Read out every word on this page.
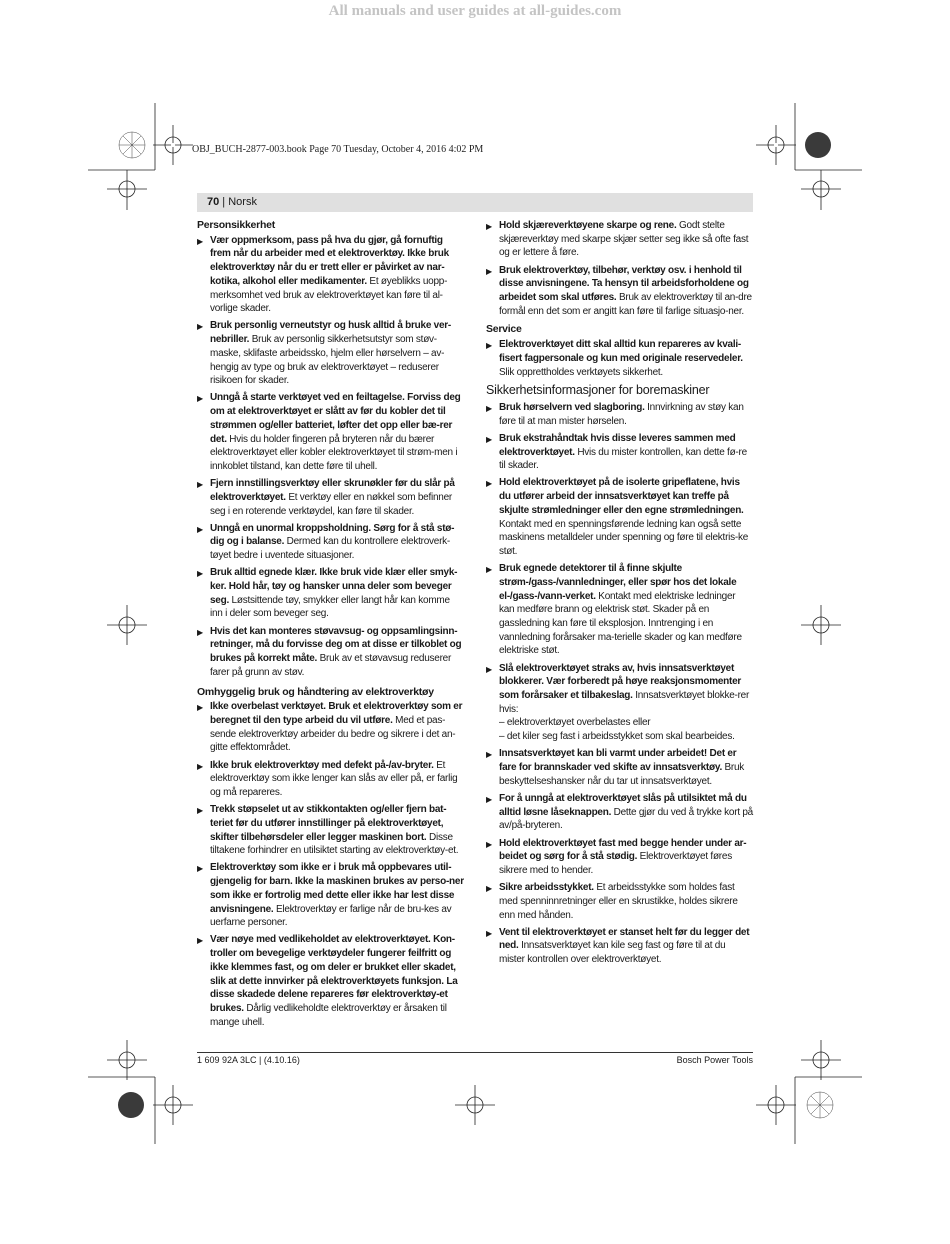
All manuals and user guides at all-guides.com
OBJ_BUCH-2877-003.book Page 70 Tuesday, October 4, 2016 4:02 PM
70 | Norsk
Personsikkerhet
▶ Vær oppmerksom, pass på hva du gjør, gå fornuftig frem når du arbeider med et elektroverktøy. Ikke bruk elektroverktøy når du er trett eller er påvirket av nar-kotika, alkohol eller medikamenter. Et øyeblikks uopp-merksomhet ved bruk av elektroverktøyet kan føre til al-vorlige skader.
▶ Bruk personlig verneutstyr og husk alltid å bruke ver-nebriller. Bruk av personlig sikkerhetsutstyr som støv-maske, sklifaste arbeidssko, hjelm eller hørselvern – av-hengig av type og bruk av elektroverktøyet – reduserer risikoen for skader.
▶ Unngå å starte verktøyet ved en feiltagelse. Forviss deg om at elektroverktøyet er slått av før du kobler det til strømmen og/eller batteriet, løfter det opp eller bæ-rer det. Hvis du holder fingeren på bryteren når du bærer elektroverktøyet eller kobler elektroverktøyet til strøm-men i innkoblet tilstand, kan dette føre til uhell.
▶ Fjern innstillingsverktøy eller skrunøkler før du slår på elektroverktøyet. Et verktøy eller en nøkkel som befinner seg i en roterende verktøydel, kan føre til skader.
▶ Unngå en unormal kroppsholdning. Sørg for å stå stø-dig og i balanse. Dermed kan du kontrollere elektroverk-tøyet bedre i uventede situasjoner.
▶ Bruk alltid egnede klær. Ikke bruk vide klær eller smyk-ker. Hold hår, tøy og hansker unna deler som beveger seg. Løstsittende tøy, smykker eller langt hår kan komme inn i deler som beveger seg.
▶ Hvis det kan monteres støvavsug- og oppsamlingsinn-retninger, må du forvisse deg om at disse er tilkoblet og brukes på korrekt måte. Bruk av et støvavsug reduserer farer på grunn av støv.
Omhyggelig bruk og håndtering av elektroverktøy
▶ Ikke overbelast verktøyet. Bruk et elektroverktøy som er beregnet til den type arbeid du vil utføre. Med et pas-sende elektroverktøy arbeider du bedre og sikrere i det an-gitte effektområdet.
▶ Ikke bruk elektroverktøy med defekt på-/av-bryter. Et elektroverktøy som ikke lenger kan slås av eller på, er farlig og må repareres.
▶ Trekk støpselet ut av stikkontakten og/eller fjern bat-teriet før du utfører innstillinger på elektroverktøyet, skifter tilbehørsdeler eller legger maskinen bort. Disse tiltakene forhindrer en utilsiktet starting av elektroverktøy-et.
▶ Elektroverktøy som ikke er i bruk må oppbevares util-gjengelig for barn. Ikke la maskinen brukes av perso-ner som ikke er fortrolig med dette eller ikke har lest disse anvisningene. Elektroverktøy er farlige når de bru-kes av uerfarne personer.
▶ Vær nøye med vedlikeholdet av elektroverktøyet. Kon-troller om bevegelige verktøydeler fungerer feilfritt og ikke klemmes fast, og om deler er brukket eller skadet, slik at dette innvirker på elektroverktøyets funksjon. La disse skadede delene repareres før elektroverktøy-et brukes. Dårlig vedlikeholdte elektroverktøy er årsaken til mange uhell.
▶ Hold skjæreverktøyene skarpe og rene. Godt stelte skjæreverktøy med skarpe skjær setter seg ikke så ofte fast og er lettere å føre.
▶ Bruk elektroverktøy, tilbehør, verktøy osv. i henhold til disse anvisningene. Ta hensyn til arbeidsforholdene og arbeidet som skal utføres. Bruk av elektroverktøy til an-dre formål enn det som er angitt kan føre til farlige situasjo-ner.
Service
▶ Elektroverktøyet ditt skal alltid kun repareres av kvali-fisert fagpersonale og kun med originale reservedeler. Slik opprettholdes verktøyets sikkerhet.
Sikkerhetsinformasjoner for boremaskiner
▶ Bruk hørselvern ved slagboring. Innvirkning av støy kan føre til at man mister hørselen.
▶ Bruk ekstrahåndtak hvis disse leveres sammen med elektroverktøyet. Hvis du mister kontrollen, kan dette fø-re til skader.
▶ Hold elektroverktøyet på de isolerte gripeflatene, hvis du utfører arbeid der innsatsverktøyet kan treffe på skjulte strømledninger eller den egne strømledningen. Kontakt med en spenningsførende ledning kan også sette maskinens metalldeler under spenning og føre til elektris-ke støt.
▶ Bruk egnede detektorer til å finne skjulte strøm-/gass-/vannledninger, eller spør hos det lokale el-/gass-/vann-verket. Kontakt med elektriske ledninger kan medføre brann og elektrisk støt. Skader på en gassledning kan føre til eksplosjon. Inntrenging i en vannledning forårsaker ma-terielle skader og kan medføre elektriske støt.
▶ Slå elektroverktøyet straks av, hvis innsatsverktøyet blokkerer. Vær forberedt på høye reaksjonsmomenter som forårsaker et tilbakeslag. Innsatsverktøyet blokke-rer hvis:
– elektroverktøyet overbelastes eller
– det kiler seg fast i arbeidsstykket som skal bearbeides.
▶ Innsatsverktøyet kan bli varmt under arbeidet! Det er fare for brannskader ved skifte av innsatsverktøy. Bruk beskyttelseshansker når du tar ut innsatsverktøyet.
▶ For å unngå at elektroverktøyet slås på utilsiktet må du alltid løsne låseknappen. Dette gjør du ved å trykke kort på av/på-bryteren.
▶ Hold elektroverktøyet fast med begge hender under ar-beidet og sørg for å stå stødig. Elektroverktøyet føres sikrere med to hender.
▶ Sikre arbeidsstykket. Et arbeidsstykke som holdes fast med spenninnretninger eller en skrustikke, holdes sikrere enn med hånden.
▶ Vent til elektroverktøyet er stanset helt før du legger det ned. Innsatsverktøyet kan kile seg fast og føre til at du mister kontrollen over elektroverktøyet.
1 609 92A 3LC | (4.10.16)	Bosch Power Tools
